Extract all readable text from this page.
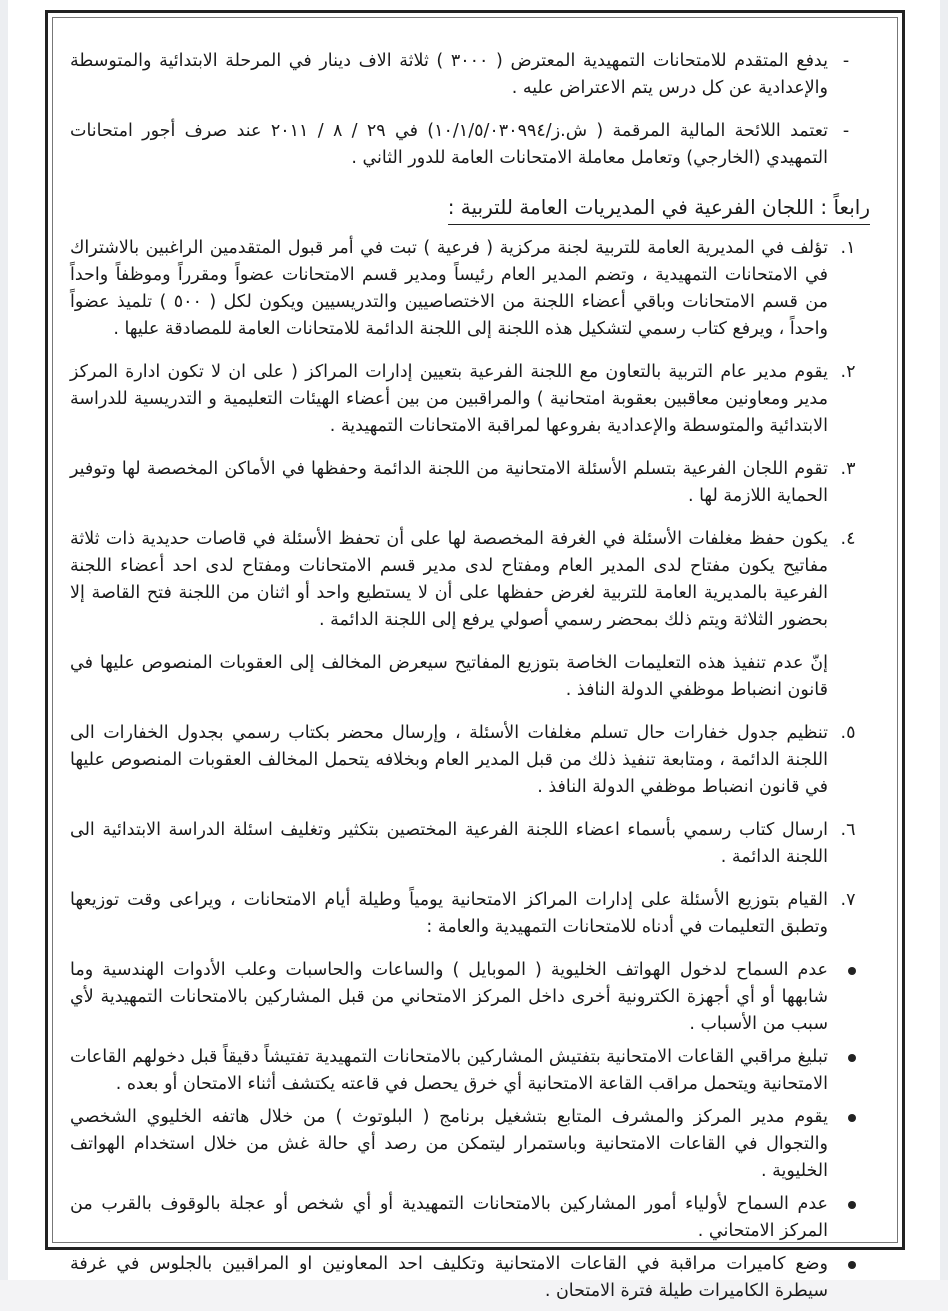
-
يدفع المتقدم للامتحانات التمهيدية المعترض ( ٣٠٠٠ ) ثلاثة الاف دينار في المرحلة الابتدائية والمتوسطة والإعدادية عن كل درس يتم الاعتراض عليه .
-
تعتمد اللائحة المالية المرقمة ( ش.ز/١٠/١/٥/٠٣٠٩٩٤) في ٢٩ / ٨ / ٢٠١١ عند صرف أجور امتحانات التمهيدي (الخارجي) وتعامل معاملة الامتحانات العامة للدور الثاني .
رابعاً : اللجان الفرعية في المديريات العامة للتربية :
١.
تؤلف في المديرية العامة للتربية لجنة مركزية ( فرعية ) تبت في أمر قبول المتقدمين الراغبين بالاشتراك في الامتحانات التمهيدية ، وتضم المدير العام رئيساً ومدير قسم الامتحانات عضواً ومقرراً وموظفاً واحداً من قسم الامتحانات وباقي أعضاء اللجنة من الاختصاصيين والتدريسيين ويكون لكل ( ٥٠٠ ) تلميذ عضواً واحداً ، ويرفع كتاب رسمي لتشكيل هذه اللجنة إلى اللجنة الدائمة للامتحانات العامة للمصادقة عليها .
٢.
يقوم مدير عام التربية بالتعاون مع اللجنة الفرعية بتعيين إدارات المراكز ( على ان لا تكون ادارة المركز مدير ومعاونين معاقبين بعقوبة امتحانية ) والمراقبين من بين أعضاء الهيئات التعليمية و التدريسية للدراسة الابتدائية والمتوسطة والإعدادية بفروعها لمراقبة الامتحانات التمهيدية .
٣.
تقوم اللجان الفرعية بتسلم الأسئلة الامتحانية من اللجنة الدائمة وحفظها في الأماكن المخصصة لها وتوفير الحماية اللازمة لها .
٤.
يكون حفظ مغلفات الأسئلة في الغرفة المخصصة لها على أن تحفظ الأسئلة في قاصات حديدية ذات ثلاثة مفاتيح يكون مفتاح لدى المدير العام ومفتاح لدى مدير قسم الامتحانات ومفتاح لدى احد أعضاء اللجنة الفرعية بالمديرية العامة للتربية لغرض حفظها على أن لا يستطيع واحد أو اثنان من اللجنة فتح القاصة إلا بحضور الثلاثة ويتم ذلك بمحضر رسمي أصولي يرفع إلى اللجنة الدائمة .
إنّ عدم تنفيذ هذه التعليمات الخاصة بتوزيع المفاتيح سيعرض المخالف إلى العقوبات المنصوص عليها في قانون انضباط موظفي الدولة النافذ .
٥.
تنظيم جدول خفارات حال تسلم مغلفات الأسئلة ، وإرسال محضر بكتاب رسمي بجدول الخفارات الى اللجنة الدائمة ، ومتابعة تنفيذ ذلك من قبل المدير العام وبخلافه يتحمل المخالف العقوبات المنصوص عليها في قانون انضباط موظفي الدولة النافذ .
٦.
ارسال كتاب رسمي بأسماء اعضاء اللجنة الفرعية المختصين بتكثير وتغليف اسئلة الدراسة الابتدائية الى اللجنة الدائمة .
٧.
القيام بتوزيع الأسئلة على إدارات المراكز الامتحانية يومياً وطيلة أيام الامتحانات ، ويراعى وقت توزيعها وتطبق التعليمات في أدناه للامتحانات التمهيدية والعامة :
عدم السماح لدخول الهواتف الخليوية ( الموبايل ) والساعات والحاسبات وعلب الأدوات الهندسية وما شابهها أو أي أجهزة الكترونية أخرى داخل المركز الامتحاني من قبل المشاركين بالامتحانات التمهيدية لأي سبب من الأسباب .
تبليغ مراقبي القاعات الامتحانية بتفتيش المشاركين بالامتحانات التمهيدية تفتيشاً دقيقاً قبل دخولهم القاعات الامتحانية ويتحمل مراقب القاعة الامتحانية أي خرق يحصل في قاعته يكتشف أثناء الامتحان أو بعده .
يقوم مدير المركز والمشرف المتابع بتشغيل برنامج ( البلوتوث ) من خلال هاتفه الخليوي الشخصي والتجوال في القاعات الامتحانية وباستمرار ليتمكن من رصد أي حالة غش من خلال استخدام الهواتف الخليوية .
عدم السماح لأولياء أمور المشاركين بالامتحانات التمهيدية أو أي شخص أو عجلة بالوقوف بالقرب من المركز الامتحاني .
وضع كاميرات مراقبة في القاعات الامتحانية وتكليف احد المعاونين او المراقبين بالجلوس في غرفة سيطرة الكاميرات طيلة فترة الامتحان .
